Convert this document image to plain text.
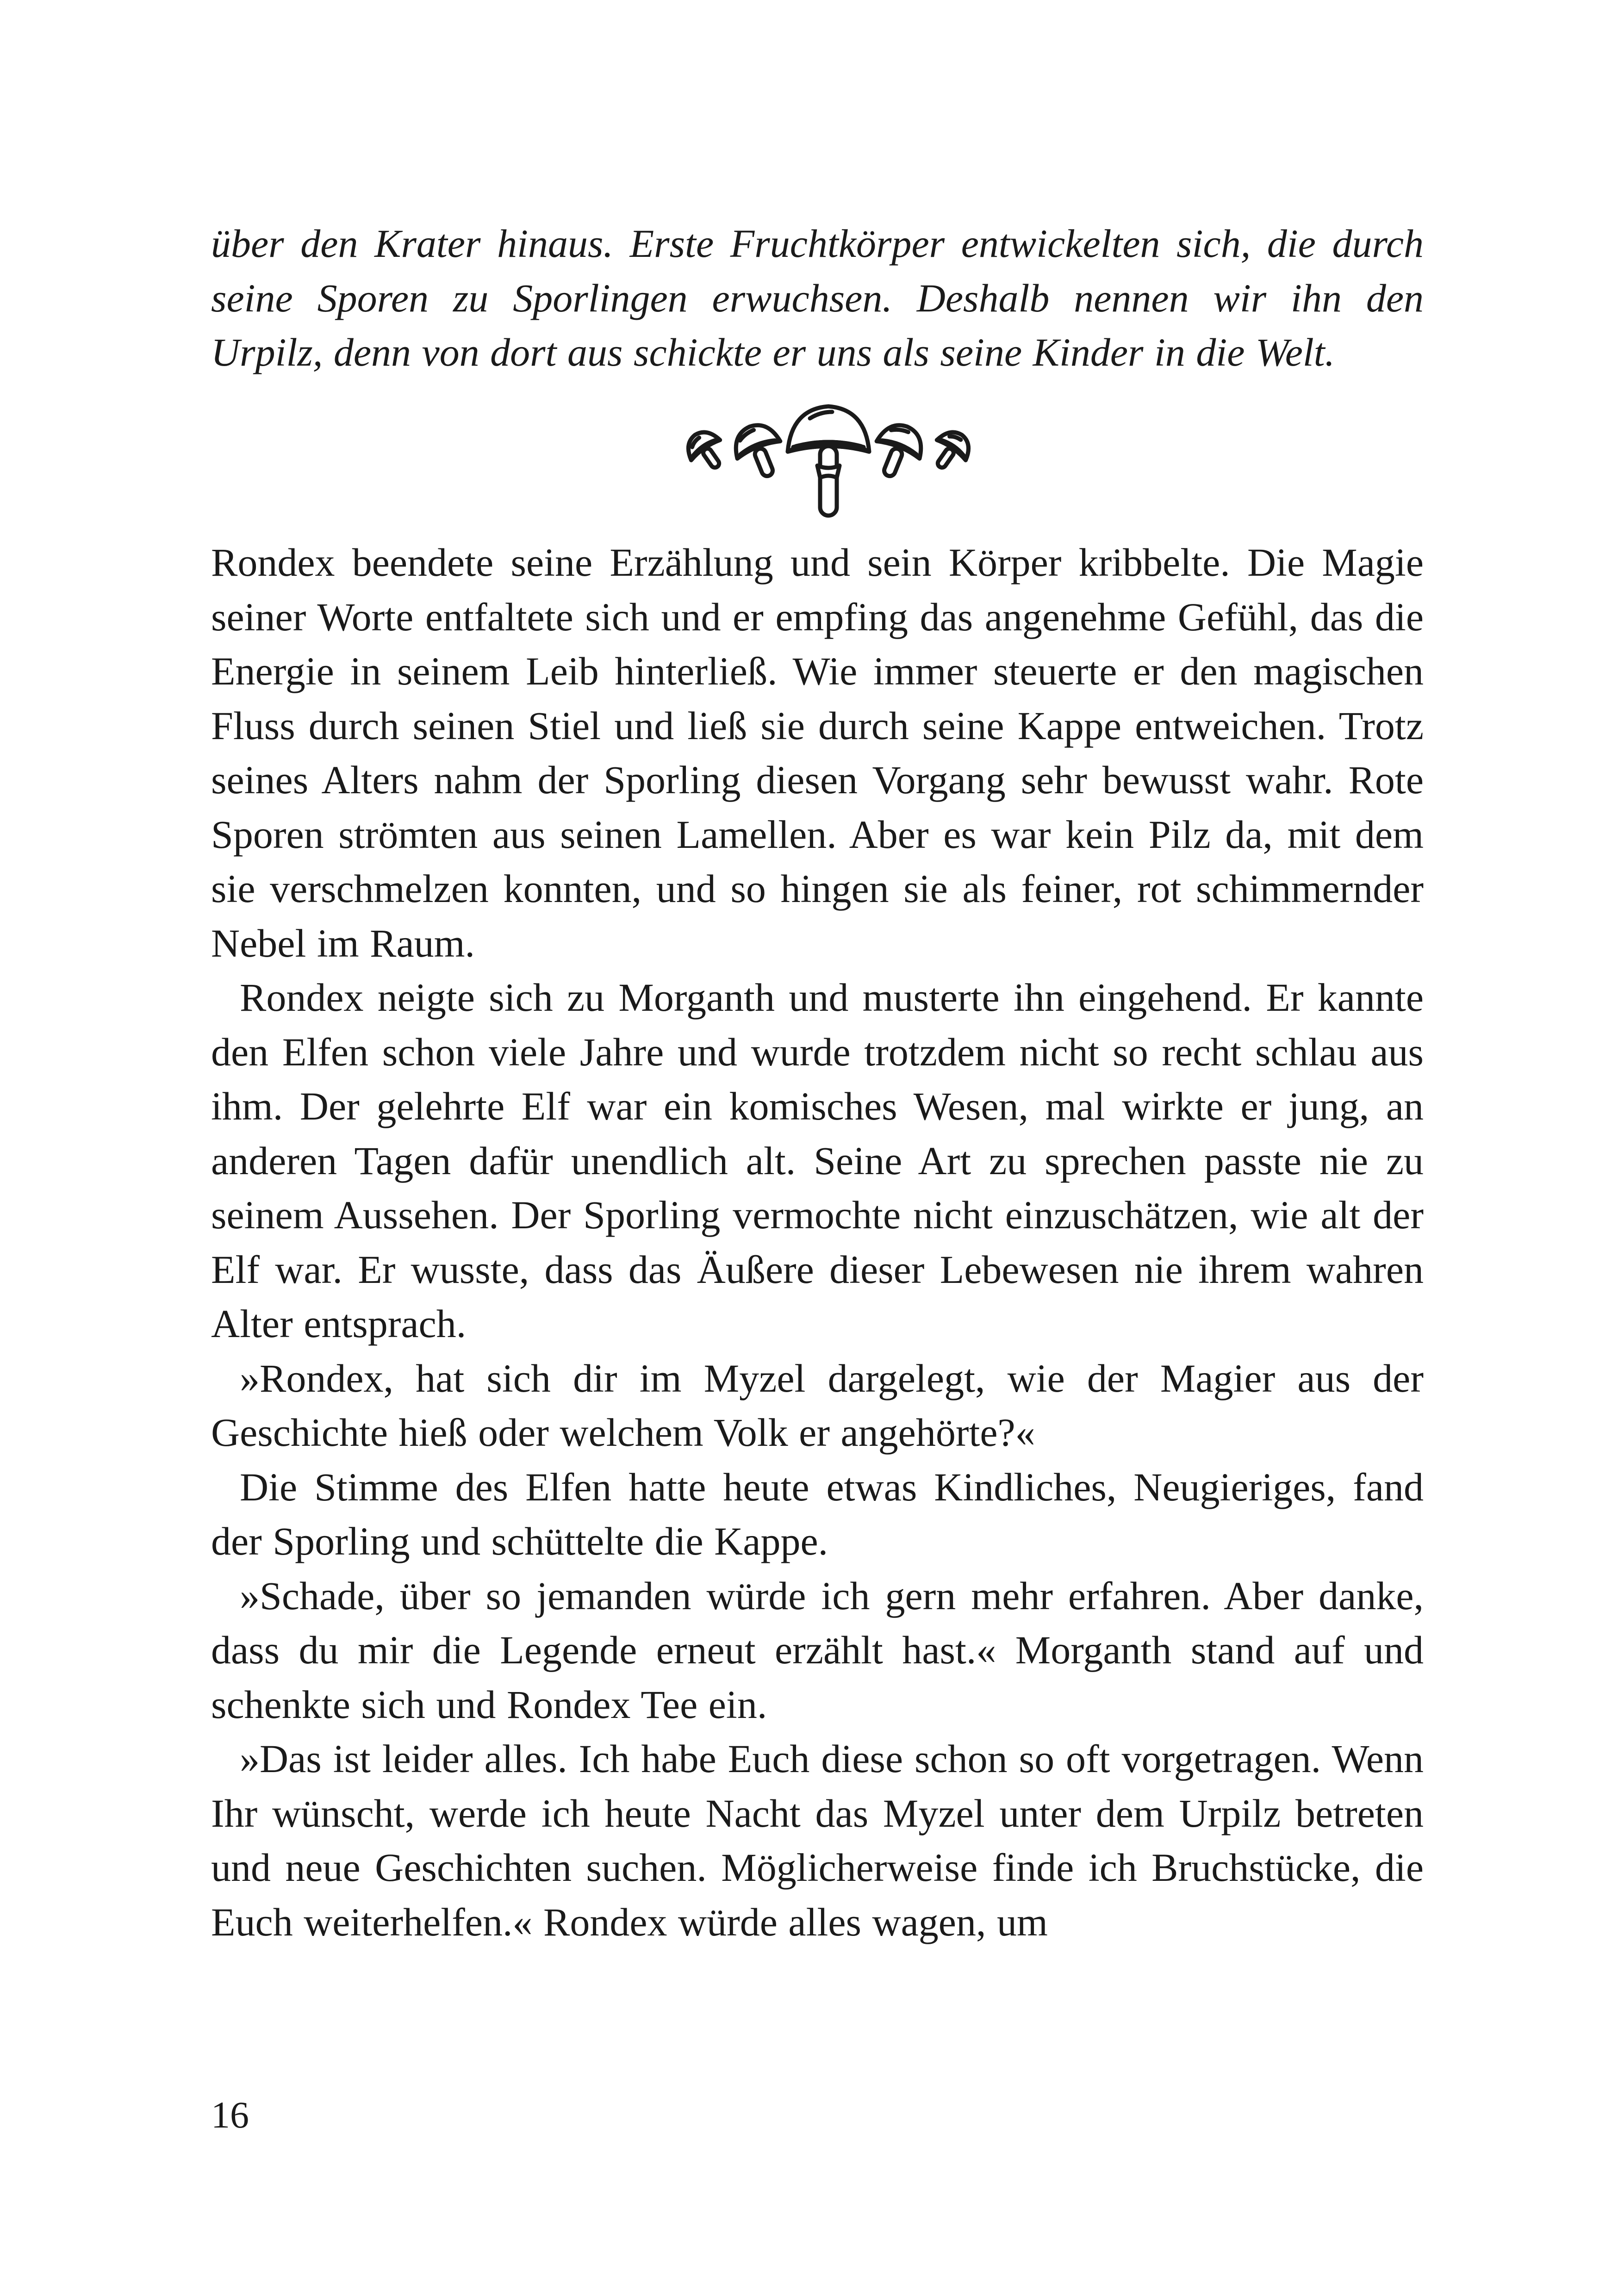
über den Krater hinaus. Erste Fruchtkörper entwickelten sich, die durch seine Sporen zu Sporlingen erwuchsen. Deshalb nennen wir ihn den Urpilz, denn von dort aus schickte er uns als seine Kinder in die Welt.

Rondex beendete seine Erzählung und sein Körper kribbelte. Die Magie seiner Worte entfaltete sich und er empfing das angenehme Gefühl, das die Energie in seinem Leib hinterließ. Wie immer steuerte er den magischen Fluss durch seinen Stiel und ließ sie durch seine Kappe entweichen. Trotz seines Alters nahm der Sporling diesen Vorgang sehr bewusst wahr. Rote Sporen strömten aus seinen Lamellen. Aber es war kein Pilz da, mit dem sie verschmelzen konnten, und so hingen sie als feiner, rot schimmernder Nebel im Raum.

Rondex neigte sich zu Morganth und musterte ihn eingehend. Er kannte den Elfen schon viele Jahre und wurde trotzdem nicht so recht schlau aus ihm. Der gelehrte Elf war ein komisches Wesen, mal wirkte er jung, an anderen Tagen dafür unendlich alt. Seine Art zu sprechen passte nie zu seinem Aussehen. Der Sporling vermochte nicht einzuschätzen, wie alt der Elf war. Er wusste, dass das Äußere dieser Lebewesen nie ihrem wahren Alter entsprach.

»Rondex, hat sich dir im Myzel dargelegt, wie der Magier aus der Geschichte hieß oder welchem Volk er angehörte?«

Die Stimme des Elfen hatte heute etwas Kindliches, Neugieriges, fand der Sporling und schüttelte die Kappe.

»Schade, über so jemanden würde ich gern mehr erfahren. Aber danke, dass du mir die Legende erneut erzählt hast.« Morganth stand auf und schenkte sich und Rondex Tee ein.

»Das ist leider alles. Ich habe Euch diese schon so oft vorgetragen. Wenn Ihr wünscht, werde ich heute Nacht das Myzel unter dem Urpilz betreten und neue Geschichten suchen. Möglicherweise finde ich Bruchstücke, die Euch weiterhelfen.« Rondex würde alles wagen, um

16
